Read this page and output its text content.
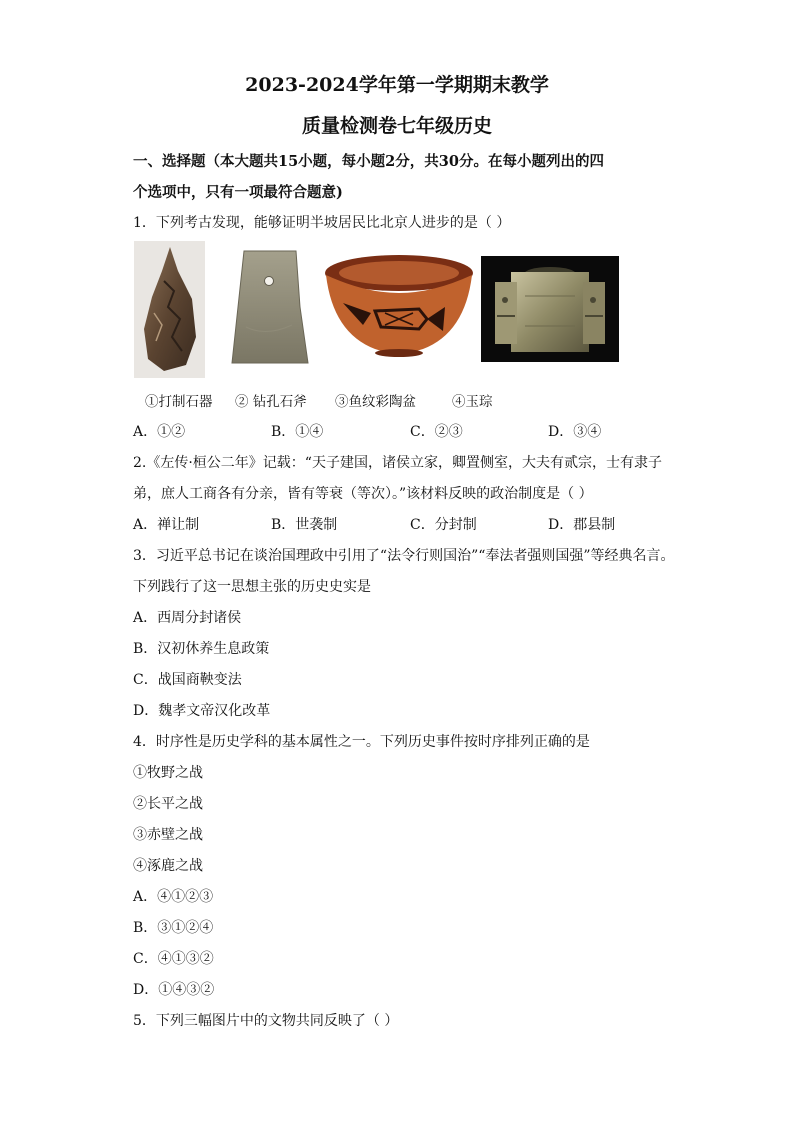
2023-2024学年第一学期期末教学
质量检测卷七年级历史
一、选择题（本大题共15小题，每小题2分，共30分。在每小题列出的四
个选项中，只有一项最符合题意)
1．下列考古发现，能够证明半坡居民比北京人进步的是（ ）
①打制石器 ② 钻孔石斧 ③鱼纹彩陶盆	④玉琮
A．①②	B．①④	C．②③	D．③④
2.《左传·桓公二年》记载：“天子建国，诸侯立家，卿置侧室，大夫有贰宗，士有隶子
弟，庶人工商各有分亲，皆有等衰（等次）。”该材料反映的政治制度是（ ）
A．禅让制	B．世袭制	C．分封制	D．郡县制
3．习近平总书记在谈治国理政中引用了“法令行则国治”“奉法者强则国强”等经典名言。
下列践行了这一思想主张的历史史实是
A．西周分封诸侯
B．汉初休养生息政策
C．战国商鞅变法
D．魏孝文帝汉化改革
4．时序性是历史学科的基本属性之一。下列历史事件按时序排列正确的是
①牧野之战
②长平之战
③赤壁之战
④涿鹿之战
A．④①②③
B．③①②④
C．④①③②
D．①④③②
5．下列三幅图片中的文物共同反映了（ ）
